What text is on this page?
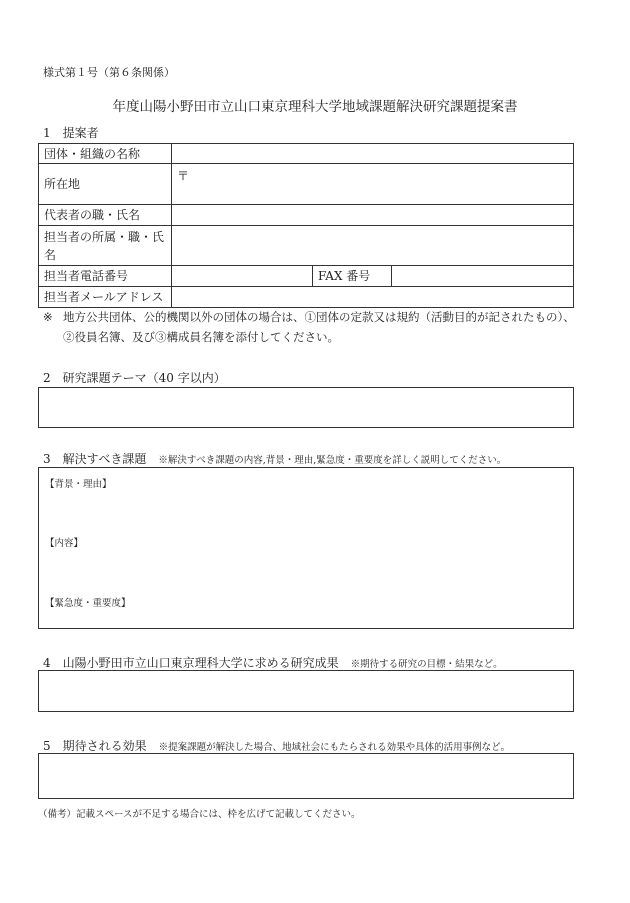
様式第１号（第６条関係）
年度山陽小野田市立山口東京理科大学地域課題解決研究課題提案書
1　提案者
団体・組織の名称			
所在地	〒		
代表者の職・氏名			
担当者の所属・職・氏名			
担当者電話番号		FAX 番号	
担当者メールアドレス			
※ 地方公共団体、公的機関以外の団体の場合は、①団体の定款又は規約（活動目的が記されたもの）、
②役員名簿、及び③構成員名簿を添付してください。
2　研究課題テーマ（40 字以内）
3　解決すべき課題 ※解決すべき課題の内容,背景・理由,緊急度・重要度を詳しく説明してください。
【背景・理由】
【内容】
【緊急度・重要度】
4　山陽小野田市立山口東京理科大学に求める研究成果 ※期待する研究の目標・結果など。
5　期待される効果 ※提案課題が解決した場合、地域社会にもたらされる効果や具体的活用事例など。
（備考）記載スペースが不足する場合には、枠を広げて記載してください。
